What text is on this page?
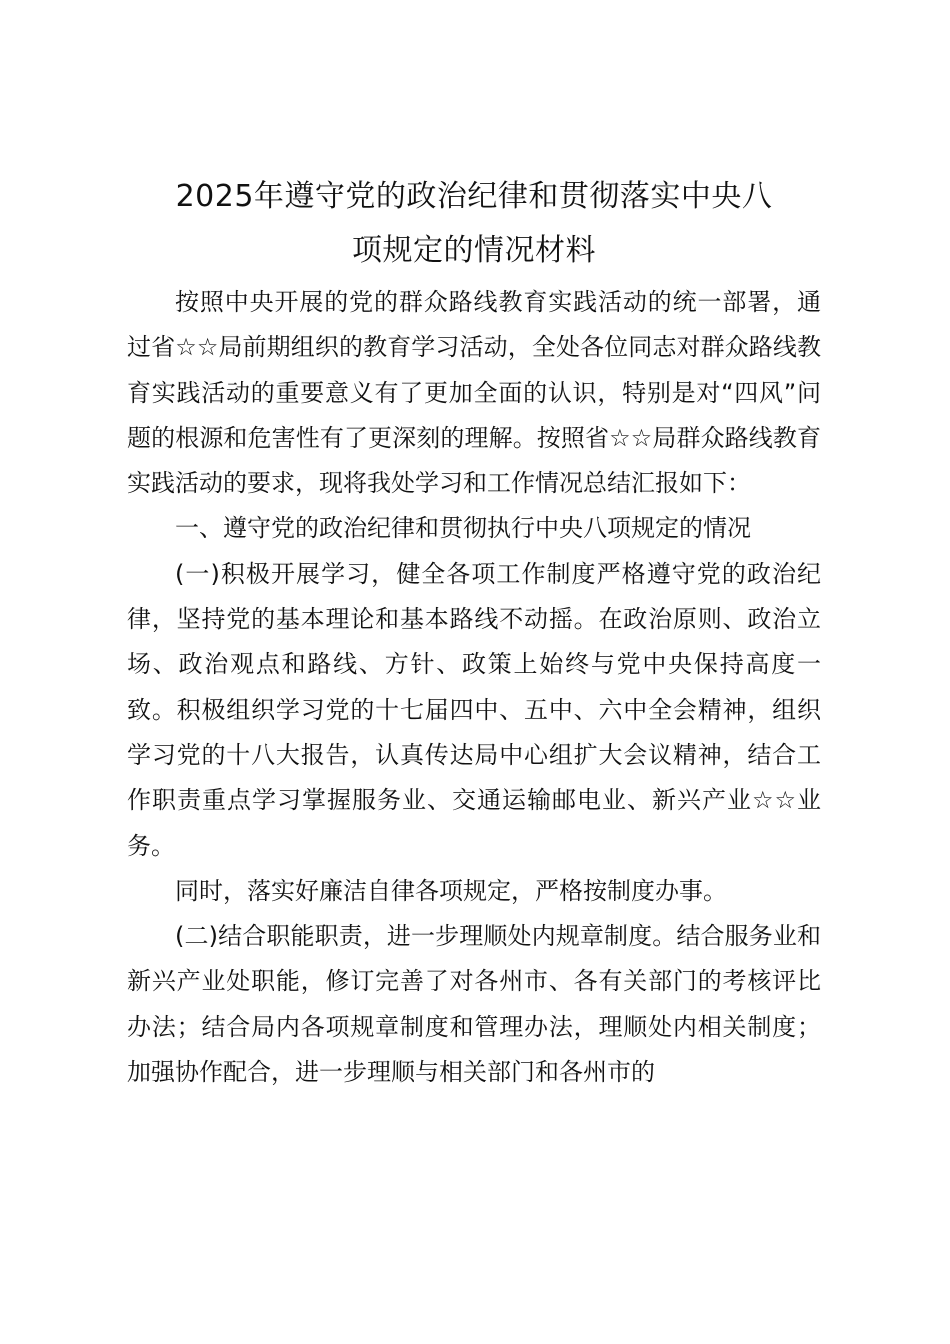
2025年遵守党的政治纪律和贯彻落实中央八
项规定的情况材料

按照中央开展的党的群众路线教育实践活动的统一部署，通过省☆☆局前期组织的教育学习活动，全处各位同志对群众路线教育实践活动的重要意义有了更加全面的认识，特别是对“四风”问题的根源和危害性有了更深刻的理解。按照省☆☆局群众路线教育实践活动的要求，现将我处学习和工作情况总结汇报如下：

一、遵守党的政治纪律和贯彻执行中央八项规定的情况

(一)积极开展学习，健全各项工作制度严格遵守党的政治纪律，坚持党的基本理论和基本路线不动摇。在政治原则、政治立场、政治观点和路线、方针、政策上始终与党中央保持高度一致。积极组织学习党的十七届四中、五中、六中全会精神，组织学习党的十八大报告，认真传达局中心组扩大会议精神，结合工作职责重点学习掌握服务业、交通运输邮电业、新兴产业☆☆业务。

同时，落实好廉洁自律各项规定，严格按制度办事。

(二)结合职能职责，进一步理顺处内规章制度。结合服务业和新兴产业处职能，修订完善了对各州市、各有关部门的考核评比办法；结合局内各项规章制度和管理办法，理顺处内相关制度；加强协作配合，进一步理顺与相关部门和各州市的
